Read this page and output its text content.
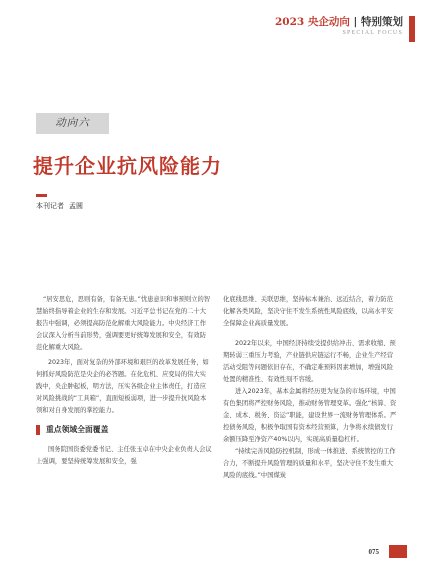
2023 央企动向 | 特别策划
SPECIAL FOCUS
动向六
提升企业抗风险能力
本刊记者 孟圆

“居安思危，思则有备，有备无患。”忧患意识和事预则立的智慧始终指导着企业的生存和发展。习近平总书记在党的二十大报告中强调，必须提高防范化解重大风险能力。中央经济工作会议深入分析当前形势，强调要更好统筹发展和安全，有效防范化解重大风险。

2023年，面对复杂的外部环境和艰巨的改革发展任务，如何抓好风险防范是央企的必答题。在化危机、应变局的伟大实践中，央企肿起板，明方法，压实各级企业主体责任，打造应对风险挑战的“工具箱”，直面短板弱项，进一步提升抗风险本领和对自身发展的掌控能力。

重点领域全面覆盖

国务院国资委党委书记、主任张玉卓在中央企业负责人会议上强调，要坚持统筹发展和安全，强

化底线思维、关联思维，坚持标本兼治、远近结合，着力防范化解各类风险，坚决守住不发生系统性风险底线，以高水平安全保障企业高质量发展。

2022年以来，中国经济持续受提供给冲击、需求收缩、预期转弱三重压力考验，产业链供应链运行不畅，企业生产经营活动受阻等问题依旧存在，不确定难预料因素增加，增强风险处置的精准性、有效性刻不容缓。

进入2023年，基本金属将经历更为复杂的市场环境，中国有色集团将严控财务风险，推动财务管理变革。强化“核算、资金、成本、税务、资运”职能，建设世界一流财务管理体系。严控债务风险，积极争取国有资本经营预算，力争将永续债发行余额压降至净资产40%以内，实现高质量稳杠杆。

“持续完善风险防控机制，形成一体推进、系统管控的工作合力，不断提升风险管理的质量和水平，坚决守住不发生重大风险的底线。”中国煤炭

075
